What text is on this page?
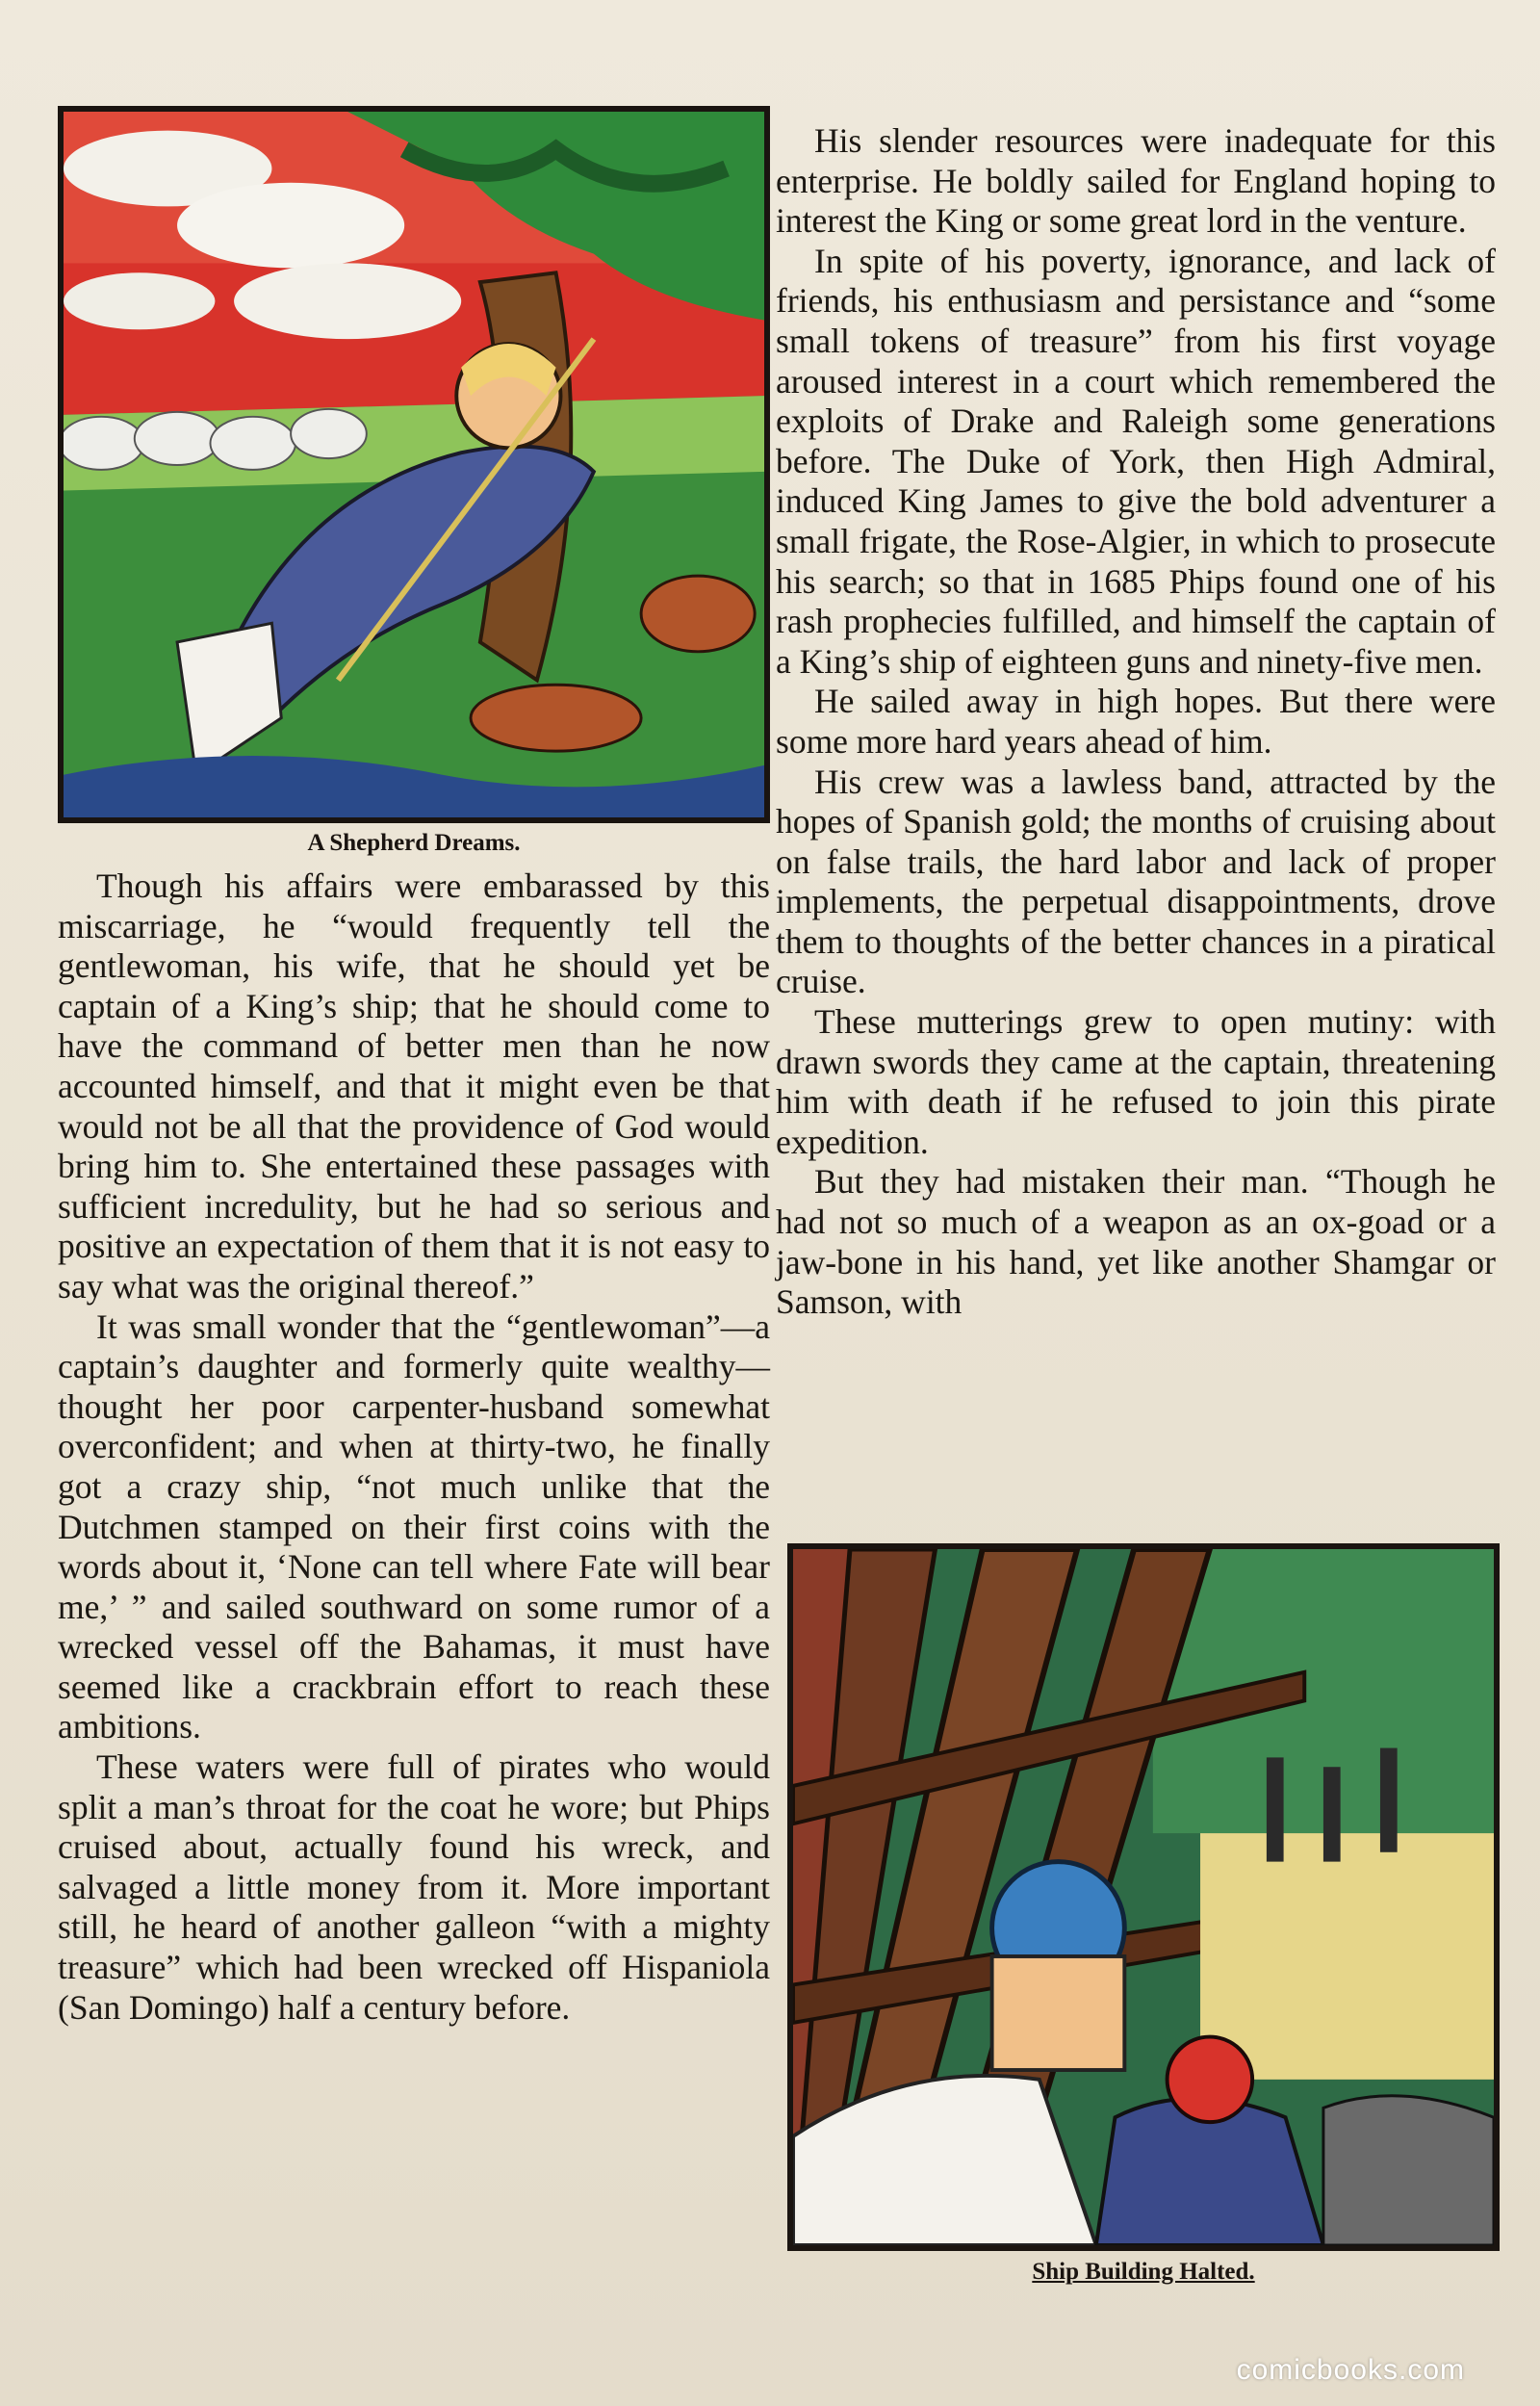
A Shepherd Dreams.

Though his affairs were embarassed by this miscarriage, he “would frequently tell the gentlewoman, his wife, that he should yet be captain of a King’s ship; that he should come to have the command of better men than he now accounted himself, and that it might even be that would not be all that the providence of God would bring him to. She entertained these passages with sufficient incredulity, but he had so serious and positive an expectation of them that it is not easy to say what was the original thereof.”

It was small wonder that the “gentlewoman”—a captain’s daughter and formerly quite wealthy—thought her poor carpenter-husband somewhat overconfident; and when at thirty-two, he finally got a crazy ship, “not much unlike that the Dutchmen stamped on their first coins with the words about it, ‘None can tell where Fate will bear me,’ ” and sailed southward on some rumor of a wrecked vessel off the Bahamas, it must have seemed like a crackbrain effort to reach these ambitions.

These waters were full of pirates who would split a man’s throat for the coat he wore; but Phips cruised about, actually found his wreck, and salvaged a little money from it. More important still, he heard of another galleon “with a mighty treasure” which had been wrecked off Hispaniola (San Domingo) half a century before.

His slender resources were inadequate for this enterprise. He boldly sailed for England hoping to interest the King or some great lord in the venture.

In spite of his poverty, ignorance, and lack of friends, his enthusiasm and persistance and “some small tokens of treasure” from his first voyage aroused interest in a court which remembered the exploits of Drake and Raleigh some generations before. The Duke of York, then High Admiral, induced King James to give the bold adventurer a small frigate, the Rose-Algier, in which to prosecute his search; so that in 1685 Phips found one of his rash prophecies fulfilled, and himself the captain of a King’s ship of eighteen guns and ninety-five men.

He sailed away in high hopes. But there were some more hard years ahead of him.

His crew was a lawless band, attracted by the hopes of Spanish gold; the months of cruising about on false trails, the hard labor and lack of proper implements, the perpetual disappointments, drove them to thoughts of the better chances in a piratical cruise.

These mutterings grew to open mutiny: with drawn swords they came at the captain, threatening him with death if he refused to join this pirate expedition.

But they had mistaken their man. “Though he had not so much of a weapon as an ox-goad or a jaw-bone in his hand, yet like another Shamgar or Samson, with

Ship Building Halted.
comicbooks.com
